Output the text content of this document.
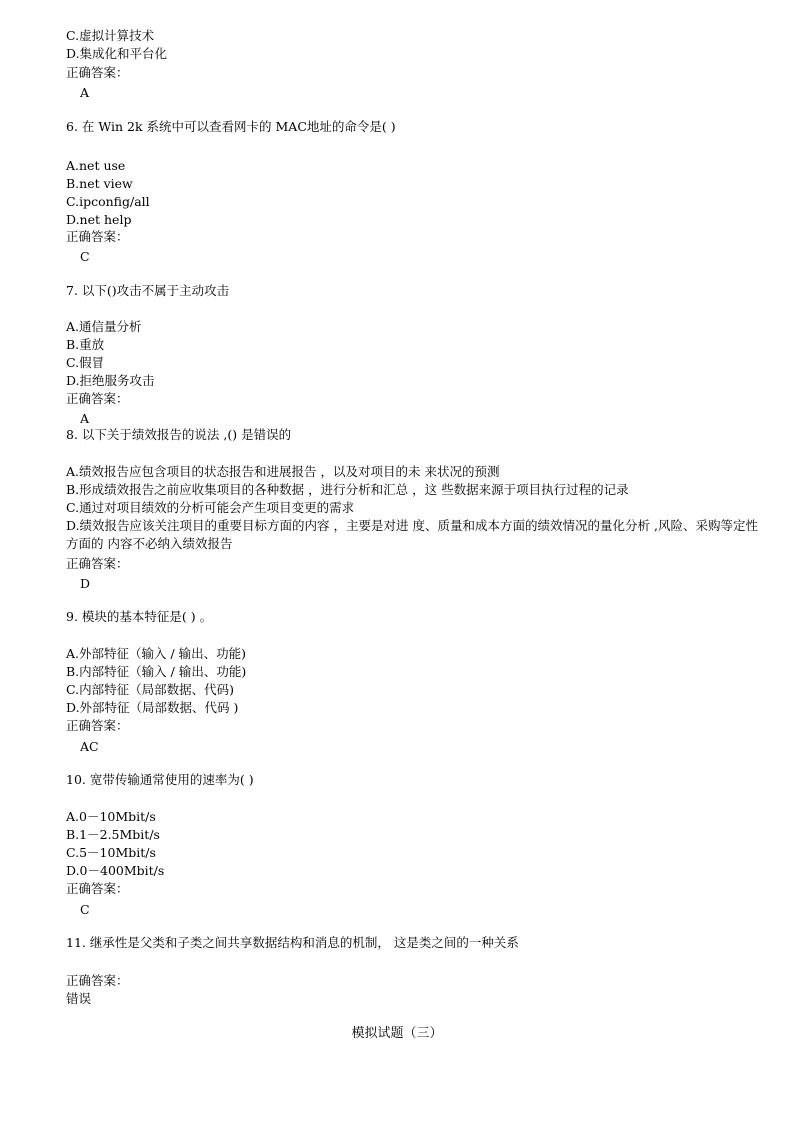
C.虚拟计算技术
D.集成化和平台化
正确答案：
A
6. 在 Win 2k 系统中可以查看网卡的 MAC地址的命令是( )
A.net use
B.net view
C.ipconfig/all
D.net help
正确答案：
C
7. 以下()攻击不属于主动攻击
A.通信量分析
B.重放
C.假冒
D.拒绝服务攻击
正确答案：
A
8. 以下关于绩效报告的说法 ,() 是错误的
A.绩效报告应包含项目的状态报告和进展报告 ，以及对项目的未 来状况的预测
B.形成绩效报告之前应收集项目的各种数据 ，进行分析和汇总 ，这 些数据来源于项目执行过程的记录
C.通过对项目绩效的分析可能会产生项目变更的需求
D.绩效报告应该关注项目的重要目标方面的内容 ，主要是对进 度、质量和成本方面的绩效情况的量化分析 ,风险、采购等定性方面的 内容不必纳入绩效报告
正确答案：
D
9. 模块的基本特征是( ) 。
A.外部特征（输入 / 输出、功能)
B.内部特征（输入 / 输出、功能)
C.内部特征（局部数据、代码)
D.外部特征（局部数据、代码 )
正确答案：
AC
10. 宽带传输通常使用的速率为( )
A.0－10Mbit/s
B.1－2.5Mbit/s
C.5－10Mbit/s
D.0－400Mbit/s
正确答案：
C
11. 继承性是父类和子类之间共享数据结构和消息的机制， 这是类之间的一种关系
正确答案：
错误
模拟试题（三）
